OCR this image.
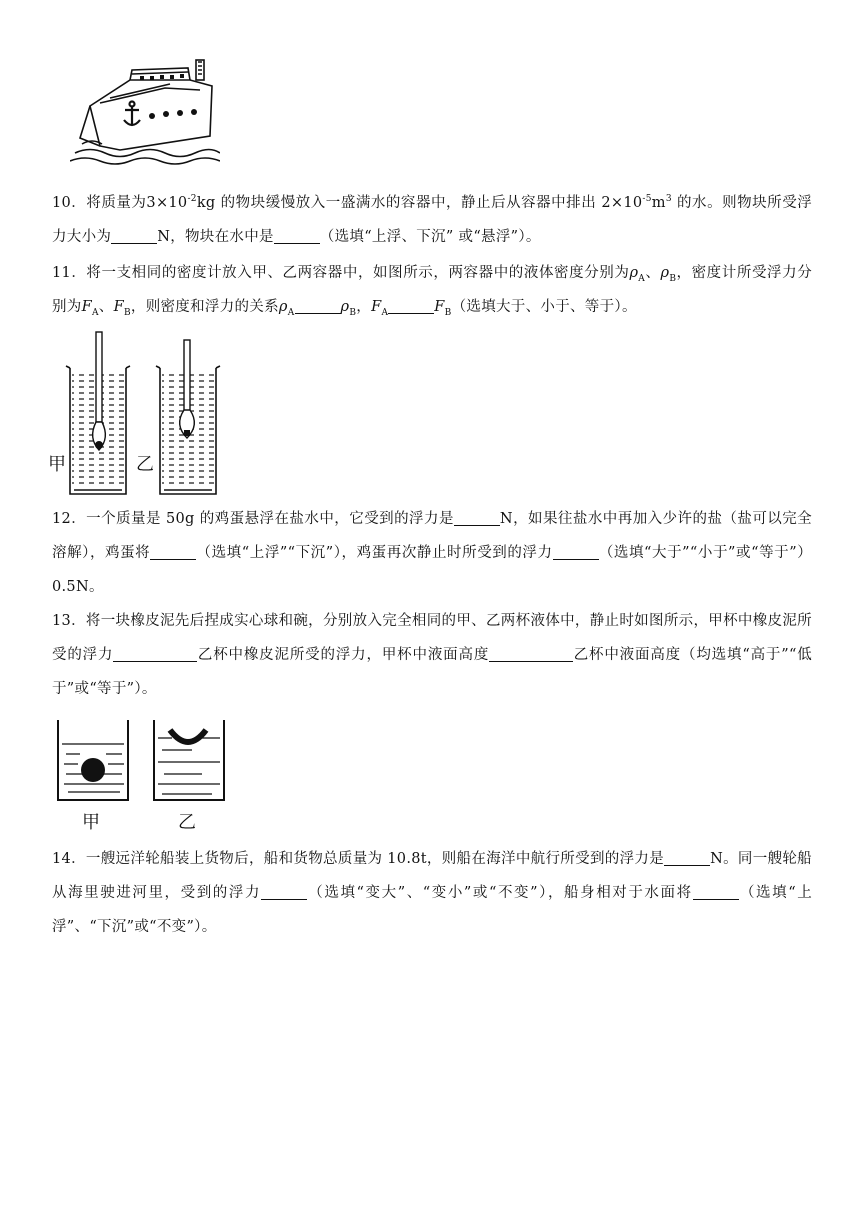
10．将质量为$3\times 10^{-2}kg$ 的物块缓慢放入一盛满水的容器中，静止后从容器中排出 $2\times 10^{-5}m^3$ 的水。则物块所受浮力大小为	N，物块在水中是	（选填“上浮、下沉” 或“悬浮”）。
11．将一支相同的密度计放入甲、乙两容器中，如图所示，两容器中的液体密度分别为$\rho_A$、$\rho_B$，密度计所受浮力分别为$F_A$、$F_B$，则密度和浮力的关系$\rho_A$	$\rho_B$，$F_A$	$F_B$（选填大于、小于、等于）。
甲	乙
12．一个质量是 50g 的鸡蛋悬浮在盐水中，它受到的浮力是	N，如果往盐水中再加入少许的盐（盐可以完全溶解），鸡蛋将	（选填“上浮”“下沉”），鸡蛋再次静止时所受到的浮力	（选填“大于”“小于”或“等于”）0.5N。
13．将一块橡皮泥先后捏成实心球和碗，分别放入完全相同的甲、乙两杯液体中，静止时如图所示，甲杯中橡皮泥所受的浮力	乙杯中橡皮泥所受的浮力，甲杯中液面高度	乙杯中液面高度（均选填“高于”“低于”或“等于”）。
甲	乙
14．一艘远洋轮船装上货物后，船和货物总质量为 10.8t，则船在海洋中航行所受到的浮力是	N。同一艘轮船从海里驶进河里，受到的浮力	（选填“变大”、“变小”或“不变”），船身相对于水面将	（选填“上浮”、“下沉”或“不变”）。
